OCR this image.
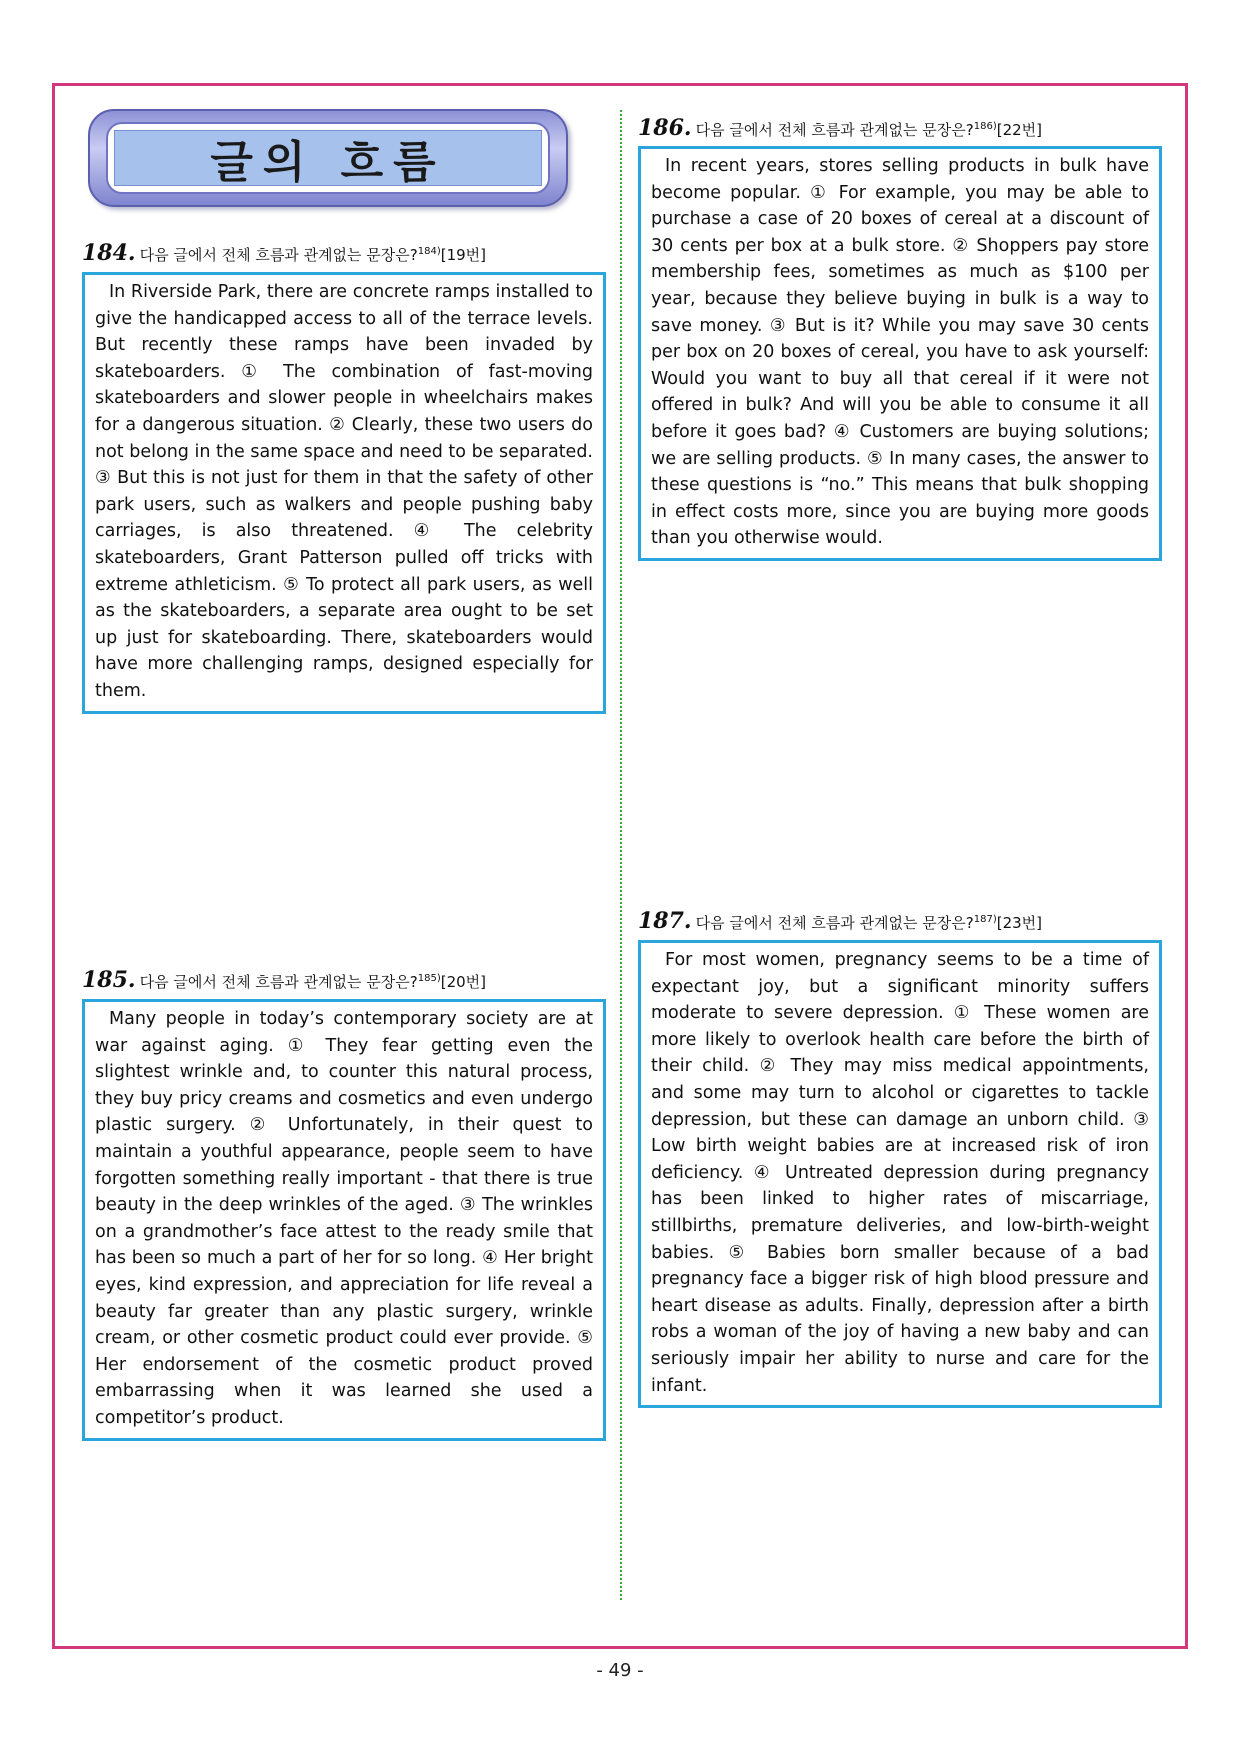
글의 흐름
184. 다음 글에서 전체 흐름과 관계없는 문장은?$^{184)}$[19번]
In Riverside Park, there are concrete ramps installed to give the handicapped access to all of the terrace levels. But recently these ramps have been invaded by skateboarders. ① The combination of fast-moving skateboarders and slower people in wheelchairs makes for a dangerous situation. ② Clearly, these two users do not belong in the same space and need to be separated. ③ But this is not just for them in that the safety of other park users, such as walkers and people pushing baby carriages, is also threatened. ④ The celebrity skateboarders, Grant Patterson pulled off tricks with extreme athleticism. ⑤ To protect all park users, as well as the skateboarders, a separate area ought to be set up just for skateboarding. There, skateboarders would have more challenging ramps, designed especially for them.
185. 다음 글에서 전체 흐름과 관계없는 문장은?$^{185)}$[20번]
Many people in today’s contemporary society are at war against aging. ① They fear getting even the slightest wrinkle and, to counter this natural process, they buy pricy creams and cosmetics and even undergo plastic surgery. ② Unfortunately, in their quest to maintain a youthful appearance, people seem to have forgotten something really important - that there is true beauty in the deep wrinkles of the aged. ③ The wrinkles on a grandmother’s face attest to the ready smile that has been so much a part of her for so long. ④ Her bright eyes, kind expression, and appreciation for life reveal a beauty far greater than any plastic surgery, wrinkle cream, or other cosmetic product could ever provide. ⑤ Her endorsement of the cosmetic product proved embarrassing when it was learned she used a competitor’s product.
186. 다음 글에서 전체 흐름과 관계없는 문장은?$^{186)}$[22번]
In recent years, stores selling products in bulk have become popular. ① For example, you may be able to purchase a case of 20 boxes of cereal at a discount of 30 cents per box at a bulk store. ② Shoppers pay store membership fees, sometimes as much as $100 per year, because they believe buying in bulk is a way to save money. ③ But is it? While you may save 30 cents per box on 20 boxes of cereal, you have to ask yourself: Would you want to buy all that cereal if it were not offered in bulk? And will you be able to consume it all before it goes bad? ④ Customers are buying solutions; we are selling products. ⑤ In many cases, the answer to these questions is “no.” This means that bulk shopping in effect costs more, since you are buying more goods than you otherwise would.
187. 다음 글에서 전체 흐름과 관계없는 문장은?$^{187)}$[23번]
For most women, pregnancy seems to be a time of expectant joy, but a significant minority suffers moderate to severe depression. ① These women are more likely to overlook health care before the birth of their child. ② They may miss medical appointments, and some may turn to alcohol or cigarettes to tackle depression, but these can damage an unborn child. ③ Low birth weight babies are at increased risk of iron deficiency. ④ Untreated depression during pregnancy has been linked to higher rates of miscarriage, stillbirths, premature deliveries, and low-birth-weight babies. ⑤ Babies born smaller because of a bad pregnancy face a bigger risk of high blood pressure and heart disease as adults. Finally, depression after a birth robs a woman of the joy of having a new baby and can seriously impair her ability to nurse and care for the infant.
- 49 -
